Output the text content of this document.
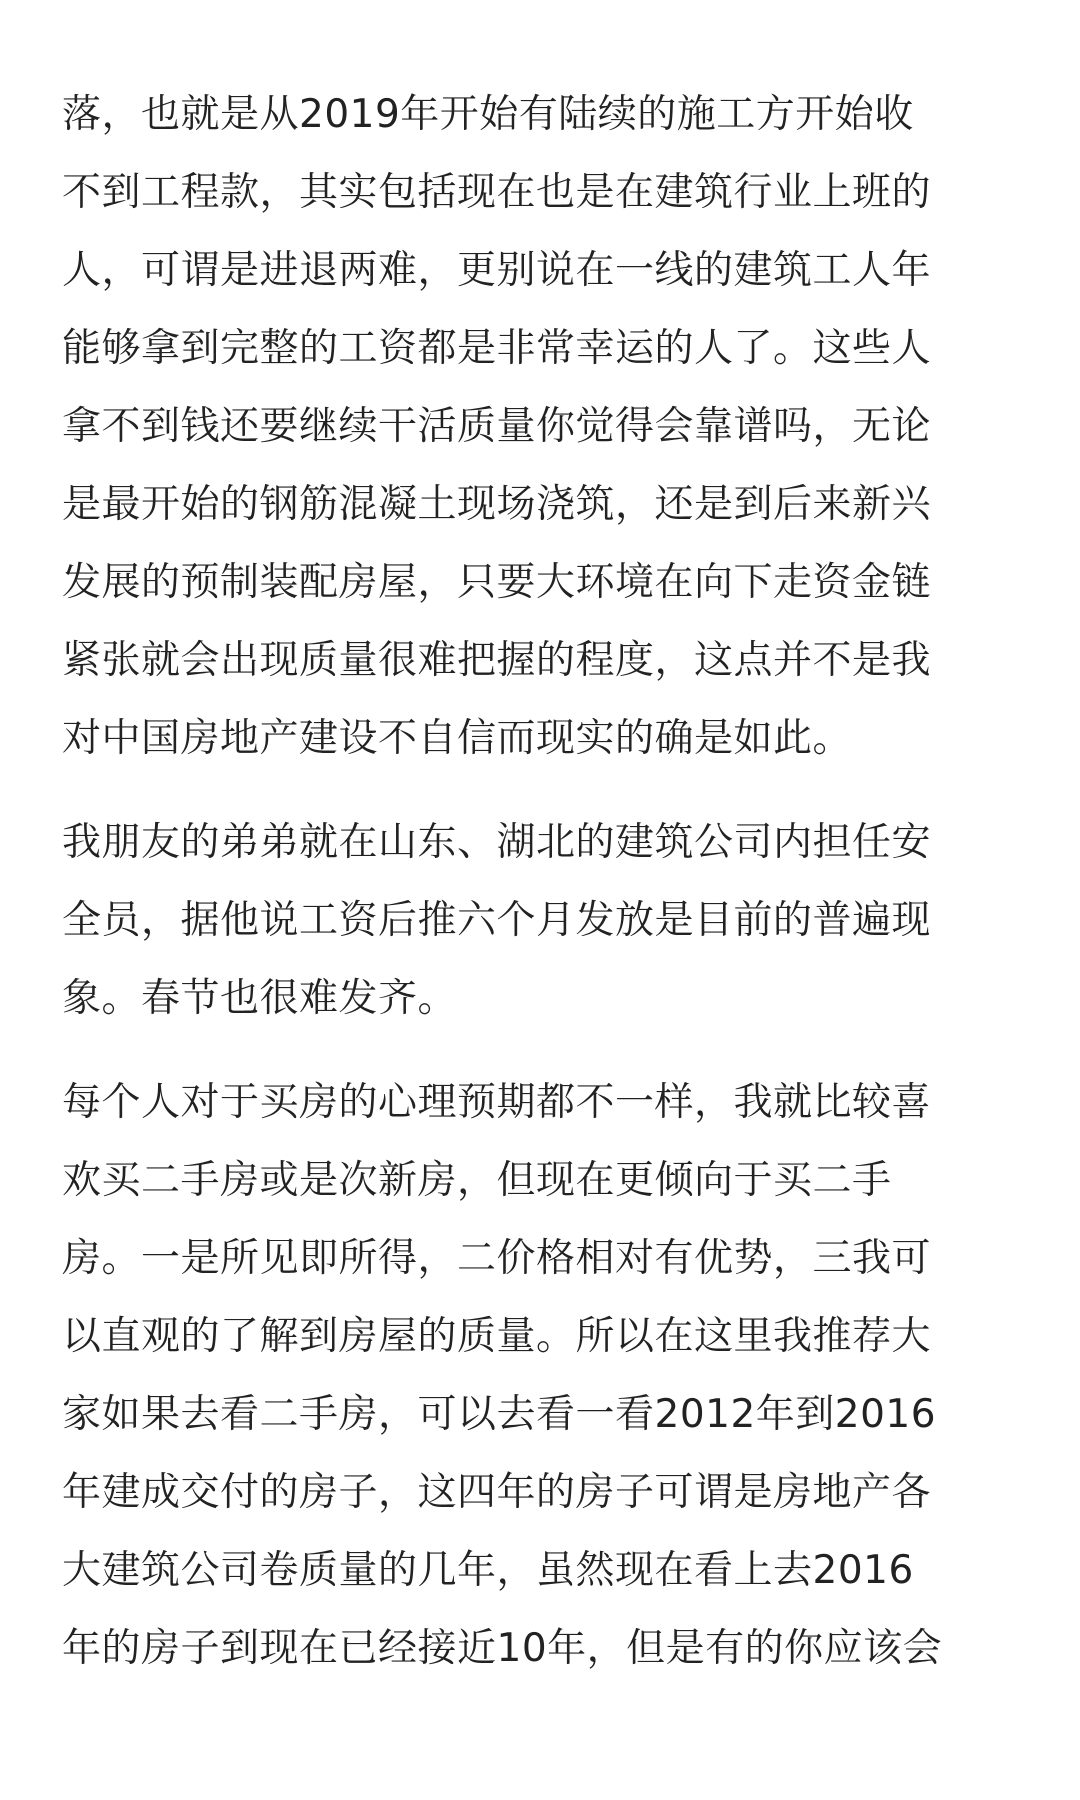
落，也就是从2019年开始有陆续的施工方开始收
不到工程款，其实包括现在也是在建筑行业上班的
人，可谓是进退两难，更别说在一线的建筑工人年
能够拿到完整的工资都是非常幸运的人了。这些人
拿不到钱还要继续干活质量你觉得会靠谱吗，无论
是最开始的钢筋混凝土现场浇筑，还是到后来新兴
发展的预制装配房屋，只要大环境在向下走资金链
紧张就会出现质量很难把握的程度，这点并不是我
对中国房地产建设不自信而现实的确是如此。
我朋友的弟弟就在山东、湖北的建筑公司内担任安
全员，据他说工资后推六个月发放是目前的普遍现
象。春节也很难发齐。
每个人对于买房的心理预期都不一样，我就比较喜
欢买二手房或是次新房，但现在更倾向于买二手
房。一是所见即所得，二价格相对有优势，三我可
以直观的了解到房屋的质量。所以在这里我推荐大
家如果去看二手房，可以去看一看2012年到2016
年建成交付的房子，这四年的房子可谓是房地产各
大建筑公司卷质量的几年，虽然现在看上去2016
年的房子到现在已经接近10年，但是有的你应该会
